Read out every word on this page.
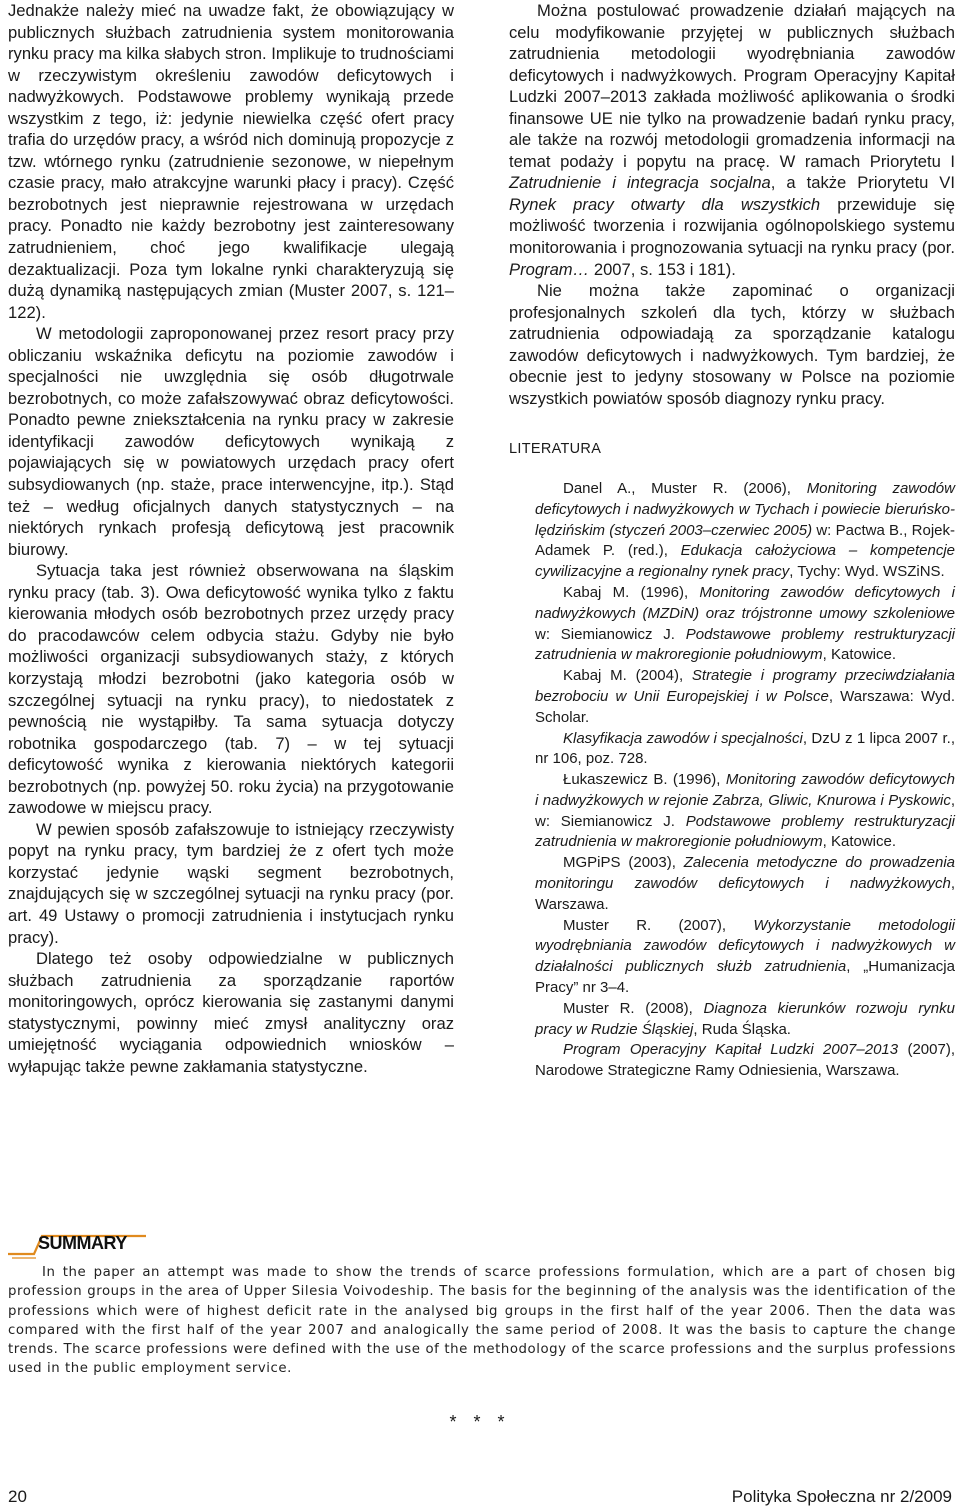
Jednakże należy mieć na uwadze fakt, że obowiązujący w publicznych służbach zatrudnienia system monitorowania rynku pracy ma kilka słabych stron. Implikuje to trudnościami w rzeczywistym określeniu zawodów deficytowych i nadwyżkowych. Podstawowe problemy wynikają przede wszystkim z tego, iż: jedynie niewielka część ofert pracy trafia do urzędów pracy, a wśród nich dominują propozycje z tzw. wtórnego rynku (zatrudnienie sezonowe, w niepełnym czasie pracy, mało atrakcyjne warunki płacy i pracy). Część bezrobotnych jest nieprawnie rejestrowana w urzędach pracy. Ponadto nie każdy bezrobotny jest zainteresowany zatrudnieniem, choć jego kwalifikacje ulegają dezaktualizacji. Poza tym lokalne rynki charakteryzują się dużą dynamiką następujących zmian (Muster 2007, s. 121–122).

W metodologii zaproponowanej przez resort pracy przy obliczaniu wskaźnika deficytu na poziomie zawodów i specjalności nie uwzględnia się osób długotrwale bezrobotnych, co może zafałszowywać obraz deficytowości. Ponadto pewne zniekształcenia na rynku pracy w zakresie identyfikacji zawodów deficytowych wynikają z pojawiających się w powiatowych urzędach pracy ofert subsydiowanych (np. staże, prace interwencyjne, itp.). Stąd też – według oficjalnych danych statystycznych – na niektórych rynkach profesją deficytową jest pracownik biurowy.

Sytuacja taka jest również obserwowana na śląskim rynku pracy (tab. 3). Owa deficytowość wynika tylko z faktu kierowania młodych osób bezrobotnych przez urzędy pracy do pracodawców celem odbycia stażu. Gdyby nie było możliwości organizacji subsydiowanych staży, z których korzystają młodzi bezrobotni (jako kategoria osób w szczególnej sytuacji na rynku pracy), to niedostatek z pewnością nie wystąpiłby. Ta sama sytuacja dotyczy robotnika gospodarczego (tab. 7) – w tej sytuacji deficytowość wynika z kierowania niektórych kategorii bezrobotnych (np. powyżej 50. roku życia) na przygotowanie zawodowe w miejscu pracy.

W pewien sposób zafałszowuje to istniejący rzeczywisty popyt na rynku pracy, tym bardziej że z ofert tych może korzystać jedynie wąski segment bezrobotnych, znajdujących się w szczególnej sytuacji na rynku pracy (por. art. 49 Ustawy o promocji zatrudnienia i instytucjach rynku pracy).

Dlatego też osoby odpowiedzialne w publicznych służbach zatrudnienia za sporządzanie raportów monitoringowych, oprócz kierowania się zastanymi danymi statystycznymi, powinny mieć zmysł analityczny oraz umiejętność wyciągania odpowiednich wniosków – wyłapując także pewne zakłamania statystyczne.

Można postulować prowadzenie działań mających na celu modyfikowanie przyjętej w publicznych służbach zatrudnienia metodologii wyodrębniania zawodów deficytowych i nadwyżkowych. Program Operacyjny Kapitał Ludzki 2007–2013 zakłada możliwość aplikowania o środki finansowe UE nie tylko na prowadzenie badań rynku pracy, ale także na rozwój metodologii gromadzenia informacji na temat podaży i popytu na pracę. W ramach Priorytetu I Zatrudnienie i integracja socjalna, a także Priorytetu VI Rynek pracy otwarty dla wszystkich przewiduje się możliwość tworzenia i rozwijania ogólnopolskiego systemu monitorowania i prognozowania sytuacji na rynku pracy (por. Program… 2007, s. 153 i 181).

Nie można także zapominać o organizacji profesjonalnych szkoleń dla tych, którzy w służbach zatrudnienia odpowiadają za sporządzanie katalogu zawodów deficytowych i nadwyżkowych. Tym bardziej, że obecnie jest to jedyny stosowany w Polsce na poziomie wszystkich powiatów sposób diagnozy rynku pracy.

LITERATURA

Danel A., Muster R. (2006), Monitoring zawodów deficytowych i nadwyżkowych w Tychach i powiecie bieruńsko-lędzińskim (styczeń 2003–czerwiec 2005) w: Pactwa B., Rojek-Adamek P. (red.), Edukacja całożyciowa – kompetencje cywilizacyjne a regionalny rynek pracy, Tychy: Wyd. WSZiNS.

Kabaj M. (1996), Monitoring zawodów deficytowych i nadwyżkowych (MZDiN) oraz trójstronne umowy szkoleniowe w: Siemianowicz J. Podstawowe problemy restrukturyzacji zatrudnienia w makroregionie południowym, Katowice.

Kabaj M. (2004), Strategie i programy przeciwdziałania bezrobociu w Unii Europejskiej i w Polsce, Warszawa: Wyd. Scholar.

Klasyfikacja zawodów i specjalności, DzU z 1 lipca 2007 r., nr 106, poz. 728.

Łukaszewicz B. (1996), Monitoring zawodów deficytowych i nadwyżkowych w rejonie Zabrza, Gliwic, Knurowa i Pyskowic, w: Siemianowicz J. Podstawowe problemy restrukturyzacji zatrudnienia w makroregionie południowym, Katowice.

MGPiPS (2003), Zalecenia metodyczne do prowadzenia monitoringu zawodów deficytowych i nadwyżkowych, Warszawa.

Muster R. (2007), Wykorzystanie metodologii wyodrębniania zawodów deficytowych i nadwyżkowych w działalności publicznych służb zatrudnienia, „Humanizacja Pracy” nr 3–4.

Muster R. (2008), Diagnoza kierunków rozwoju rynku pracy w Rudzie Śląskiej, Ruda Śląska.

Program Operacyjny Kapitał Ludzki 2007–2013 (2007), Narodowe Strategiczne Ramy Odniesienia, Warszawa.

SUMMARY

In the paper an attempt was made to show the trends of scarce professions formulation, which are a part of chosen big profession groups in the area of Upper Silesia Voivodeship. The basis for the beginning of the analysis was the identification of the professions which were of highest deficit rate in the analysed big groups in the first half of the year 2006. Then the data was compared with the first half of the year 2007 and analogically the same period of 2008. It was the basis to capture the change trends. The scarce professions were defined with the use of the methodology of the scarce professions and the surplus professions used in the public employment service.

* * *
20	Polityka Społeczna nr 2/2009
